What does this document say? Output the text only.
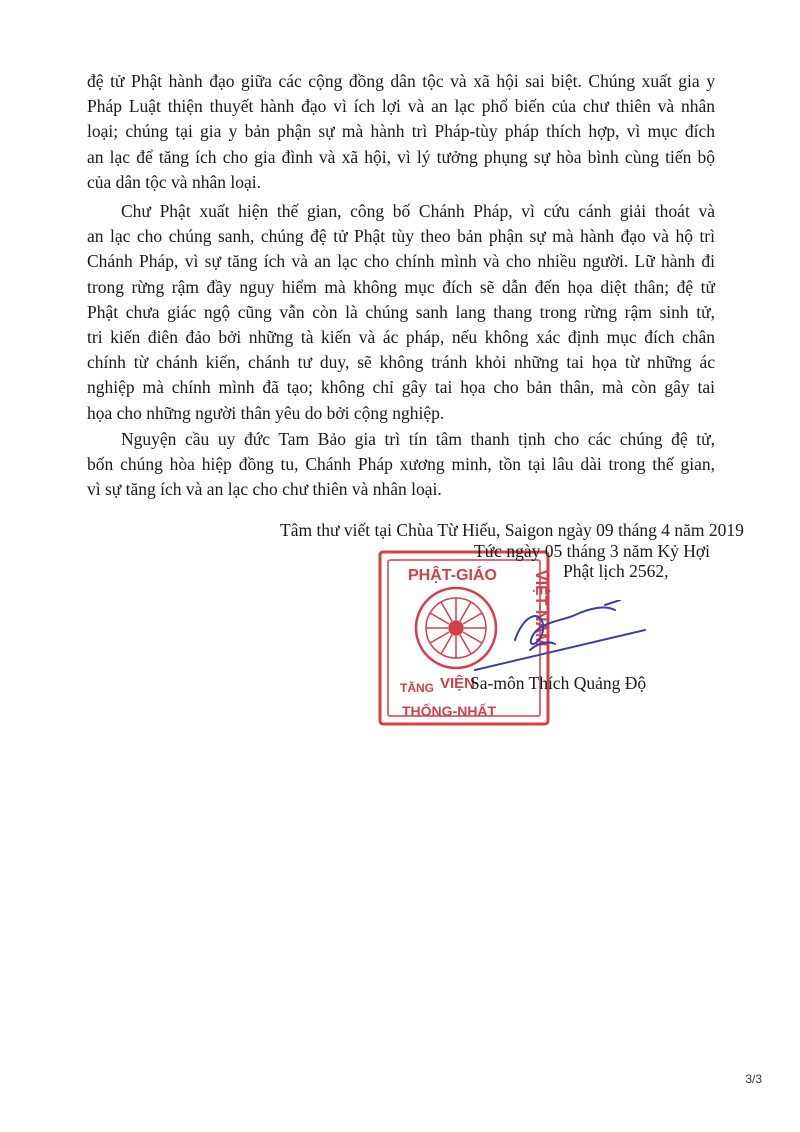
đệ tử Phật hành đạo giữa các cộng đồng dân tộc và xã hội sai biệt. Chúng xuất gia y
Pháp Luật thiện thuyết hành đạo vì ích lợi và an lạc phổ biến của chư thiên và nhân
loại; chúng tại gia y bản phận sự mà hành trì Pháp-tùy pháp thích hợp, vì mục đích
an lạc để tăng ích cho gia đình và xã hội, vì lý tưởng phụng sự hòa bình cùng tiến bộ
của dân tộc và nhân loại.
Chư Phật xuất hiện thế gian, công bố Chánh Pháp, vì cứu cánh giải thoát và
an lạc cho chúng sanh, chúng đệ tử Phật tùy theo bản phận sự mà hành đạo và hộ trì
Chánh Pháp, vì sự tăng ích và an lạc cho chính mình và cho nhiều người. Lữ hành đi
trong rừng rậm đầy nguy hiểm mà không mục đích sẽ dẫn đến họa diệt thân; đệ tử
Phật chưa giác ngộ cũng vẫn còn là chúng sanh lang thang trong rừng rậm sinh tử,
tri kiến điên đảo bởi những tà kiến và ác pháp, nếu không xác định mục đích chân
chính từ chánh kiến, chánh tư duy, sẽ không tránh khỏi những tai họa từ những ác
nghiệp mà chính mình đã tạo; không chỉ gây tai họa cho bản thân, mà còn gây tai
họa cho những người thân yêu do bởi cộng nghiệp.
Nguyện cầu uy đức Tam Bảo gia trì tín tâm thanh tịnh cho các chúng đệ tử,
bốn chúng hòa hiệp đồng tu, Chánh Pháp xương minh, tồn tại lâu dài trong thế gian,
vì sự tăng ích và an lạc cho chư thiên và nhân loại.
PHẬT-GIÁO VIỆT-NAM
VIỆN
TĂNG
THỐNG-NHẤT
Tâm thư viết tại Chùa Từ Hiếu, Saigon ngày 09 tháng 4 năm 2019
Tức ngày 05 tháng 3 năm Kỷ Hợi
Phật lịch 2562,
Sa-môn Thích Quảng Độ
3/3
